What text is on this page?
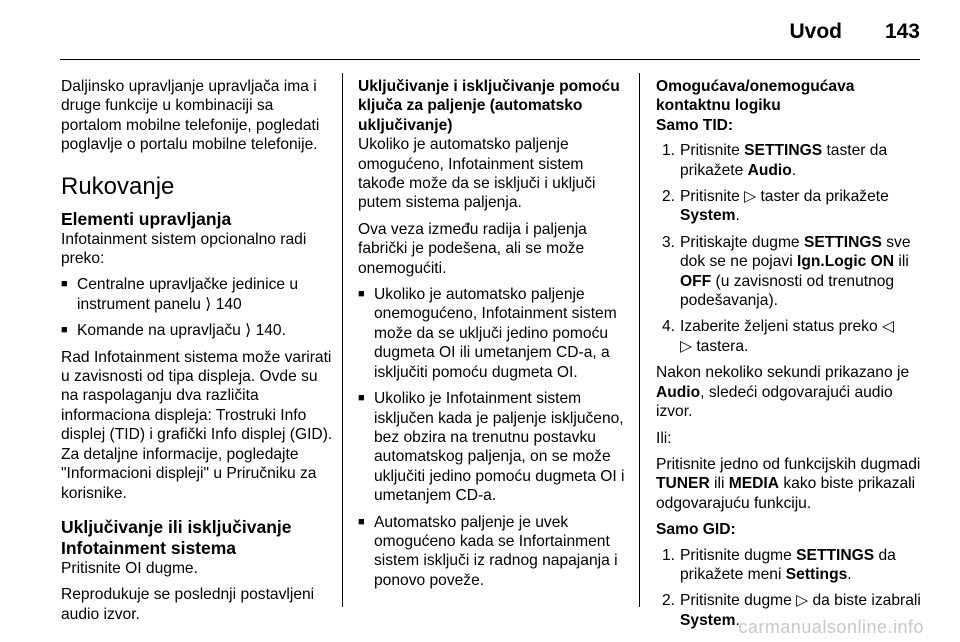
Uvod 143

Daljinsko upravljanje upravljača ima i druge funkcije u kombinaciji sa portalom mobilne telefonije, pogledati poglavlje o portalu mobilne telefonije.

Rukovanje
Elementi upravljanja

Infotainment sistem opcionalno radi preko:

■ Centralne upravljačke jedinice u instrument panelu ⟩ 140
■ Komande na upravljaču ⟩ 140.

Rad Infotainment sistema može varirati u zavisnosti od tipa displeja. Ovde su na raspolaganju dva različita informaciona displeja: Trostruki Info displej (TID) i grafički Info displej (GID). Za detaljne informacije, pogledajte "Informacioni displeji" u Priručniku za korisnike.

Uključivanje ili isključivanje Infotainment sistema

Pritisnite OI dugme.

Reprodukuje se poslednji postavljeni audio izvor.

Uključivanje i isključivanje pomoću ključa za paljenje (automatsko uključivanje)

Ukoliko je automatsko paljenje omogućeno, Infotainment sistem takođe može da se isključi i uključi putem sistema paljenja.

Ova veza između radija i paljenja fabrički je podešena, ali se može onemogućiti.

■ Ukoliko je automatsko paljenje onemogućeno, Infotainment sistem može da se uključi jedino pomoću dugmeta OI ili umetanjem CD-a, a isključiti pomoću dugmeta OI.
■ Ukoliko je Infotainment sistem isključen kada je paljenje isključeno, bez obzira na trenutnu postavku automatskog paljenja, on se može uključiti jedino pomoću dugmeta OI i umetanjem CD-a.
■ Automatsko paljenje je uvek omogućeno kada se Infortainment sistem isključi iz radnog napajanja i ponovo poveže.
Omogućava/onemogućava kontaktnu logiku
Samo TID:
1. Pritisnite SETTINGS taster da prikažete Audio.
2. Pritisnite ▷ taster da prikažete System.
3. Pritiskajte dugme SETTINGS sve dok se ne pojavi Ign.Logic ON ili OFF (u zavisnosti od trenutnog podešavanja).
4. Izaberite željeni status preko ◁
▷ tastera.

Nakon nekoliko sekundi prikazano je Audio, sledeći odgovarajući audio izvor.

Ili:

Pritisnite jedno od funkcijskih dugmadi TUNER ili MEDIA kako biste prikazali odgovarajuću funkciju.

Samo GID:
1. Pritisnite dugme SETTINGS da prikažete meni Settings.
2. Pritisnite dugme ▷ da biste izabrali System.
carmanualsonline.info
